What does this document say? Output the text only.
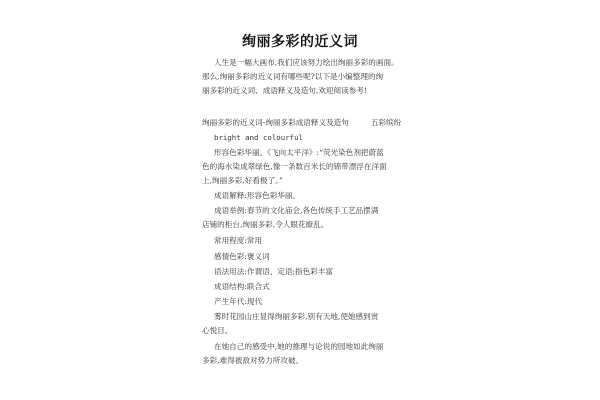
绚丽多彩的近义词
人生是一幅大画布,我们应该努力绘出绚丽多彩的画面。
那么,绚丽多彩的近义词有哪些呢?以下是小编整理的绚
丽多彩的近义词、成语释义及造句,欢迎阅读参考!
绚丽多彩的近义词-绚丽多彩成语释义及造句	五彩缤纷
bright and colourful
形容色彩华丽。《飞向太平洋》:“荧光染色剂把蔚蓝
色的海水染成翠绿色,像一条数百米长的锦带漂浮在洋面
上,绚丽多彩,好看极了。”
成语解释:形容色彩华丽。
成语举例:春节的文化庙会,各色传统手工艺品摆满
店铺的柜台,绚丽多彩,令人眼花缭乱。
常用程度:常用
感情色彩:褒义词
语法用法:作谓语、定语;指色彩丰富
成语结构:联合式
产生年代:现代
雾时花园山庄显得绚丽多彩,别有天地,使她感到赏
心悦目。
在她自己的感受中,她的推理与论说的园地如此绚丽
多彩,难得被敌对势力所攻破。
